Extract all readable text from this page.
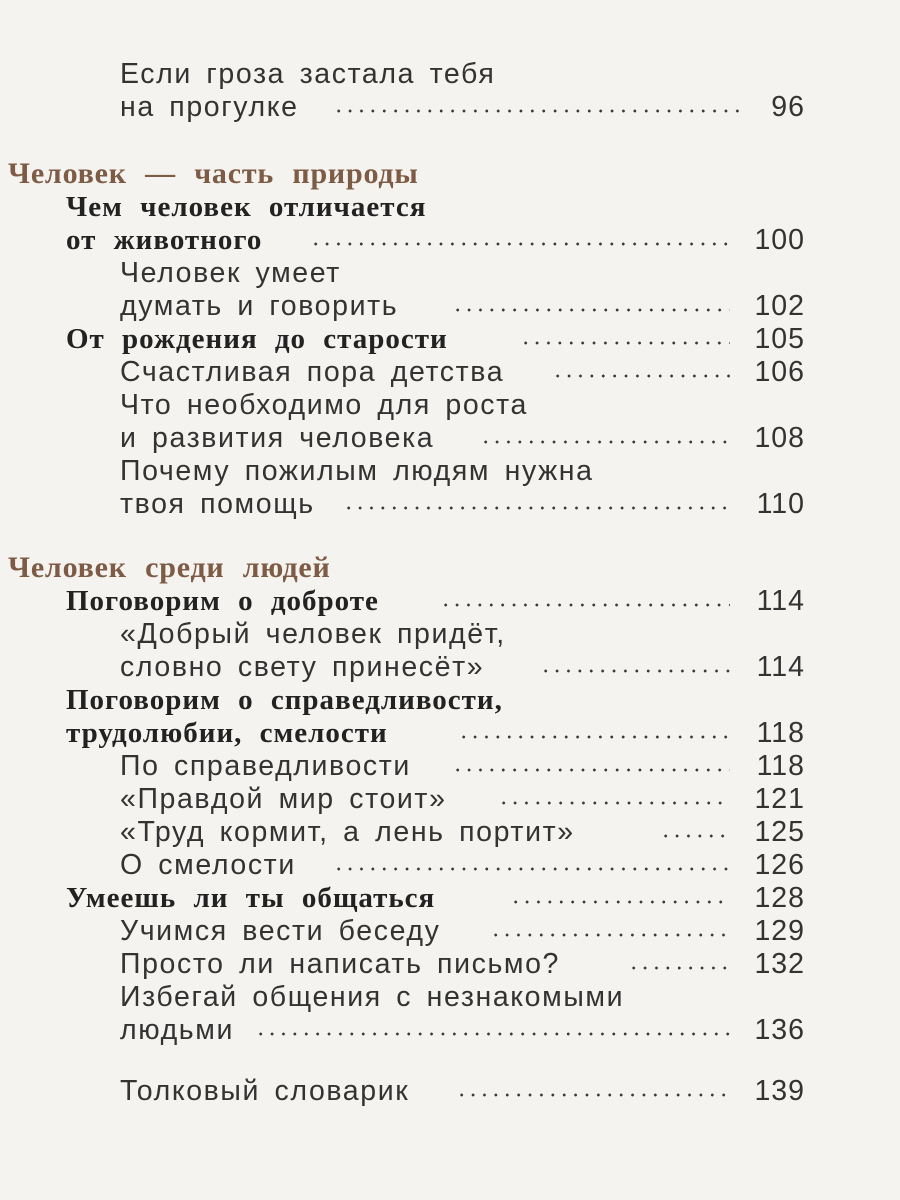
Если гроза застала тебя
на прогулке	96
Человек — часть природы
Чем человек отличается
от животного	100
Человек умеет
думать и говорить	102
От рождения до старости	105
Счастливая пора детства	106
Что необходимо для роста
и развития человека	108
Почему пожилым людям нужна
твоя помощь	110
Человек среди людей
Поговорим о доброте	114
«Добрый человек придёт,
словно свету принесёт»	114
Поговорим о справедливости,
трудолюбии, смелости	118
По справедливости	118
«Правдой мир стоит»	121
«Труд кормит, а лень портит»	125
О смелости	126
Умеешь ли ты общаться	128
Учимся вести беседу	129
Просто ли написать письмо?	132
Избегай общения с незнакомыми
людьми	136
Толковый словарик	139
